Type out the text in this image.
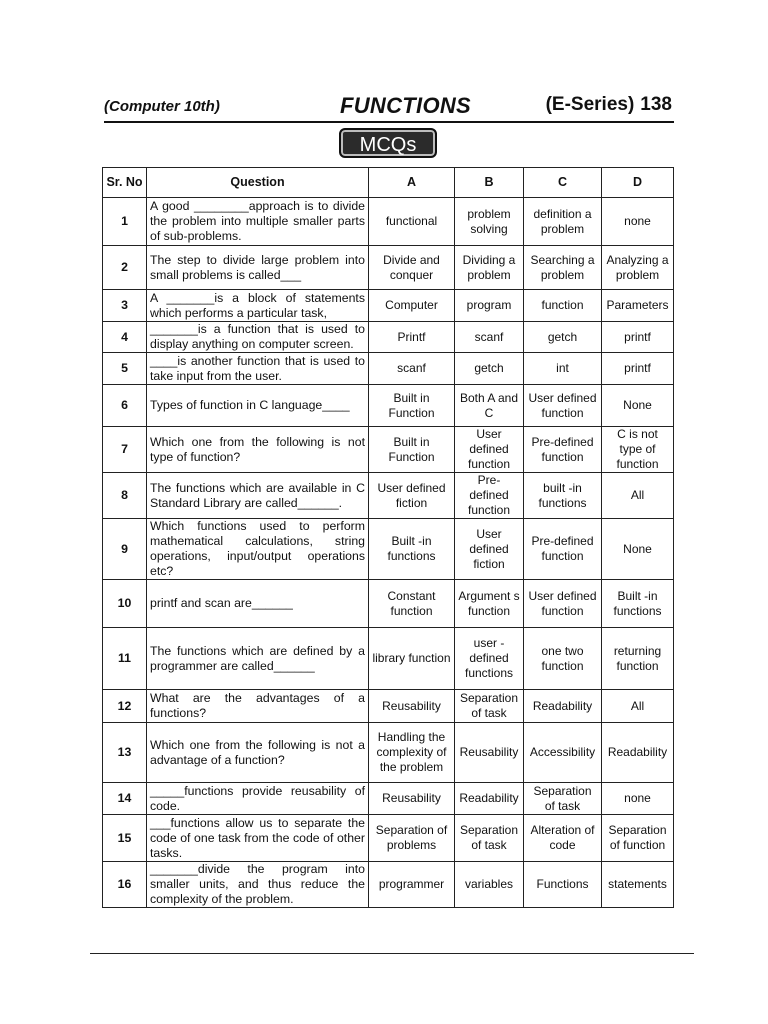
(Computer 10th)	FUNCTIONS	(E-Series) 138
MCQs
Sr. No	Question	A	B	C	D
1	A good ________approach is to divide the problem into multiple smaller parts of sub-problems.	functional	problem solving	definition a problem	none
2	The step to divide large problem into small problems is called___	Divide and conquer	Dividing a problem	Searching a problem	Analyzing a problem
3	A _______is a block of statements which performs a particular task,	Computer	program	function	Parameters
4	_______is a function that is used to display anything on computer screen.	Printf	scanf	getch	printf
5	____is another function that is used to take input from the user.	scanf	getch	int	printf
6	Types of function in C language____	Built in Function	Both A and C	User defined function	None
7	Which one from the following is not type of function?	Built in Function	User defined function	Pre-defined function	C is not type of function
8	The functions which are available in C Standard Library are called______.	User defined fiction	Pre-defined function	built -in functions	All
9	Which functions used to perform mathematical calculations, string operations, input/output operations etc?	Built -in functions	User defined fiction	Pre-defined function	None
10	printf and scan are______	Constant function	Argument s function	User defined function	Built -in functions
11	The functions which are defined by a programmer are called______	library function	user - defined functions	one two function	returning function
12	What are the advantages of a functions?	Reusability	Separation of task	Readability	All
13	Which one from the following is not a advantage of a function?	Handling the complexity of the problem	Reusability	Accessibility	Readability
14	_____functions provide reusability of code.	Reusability	Readability	Separation of task	none
15	___functions allow us to separate the code of one task from the code of other tasks.	Separation of problems	Separation of task	Alteration of code	Separation of function
16	_______divide the program into smaller units, and thus reduce the complexity of the problem.	programmer	variables	Functions	statements
